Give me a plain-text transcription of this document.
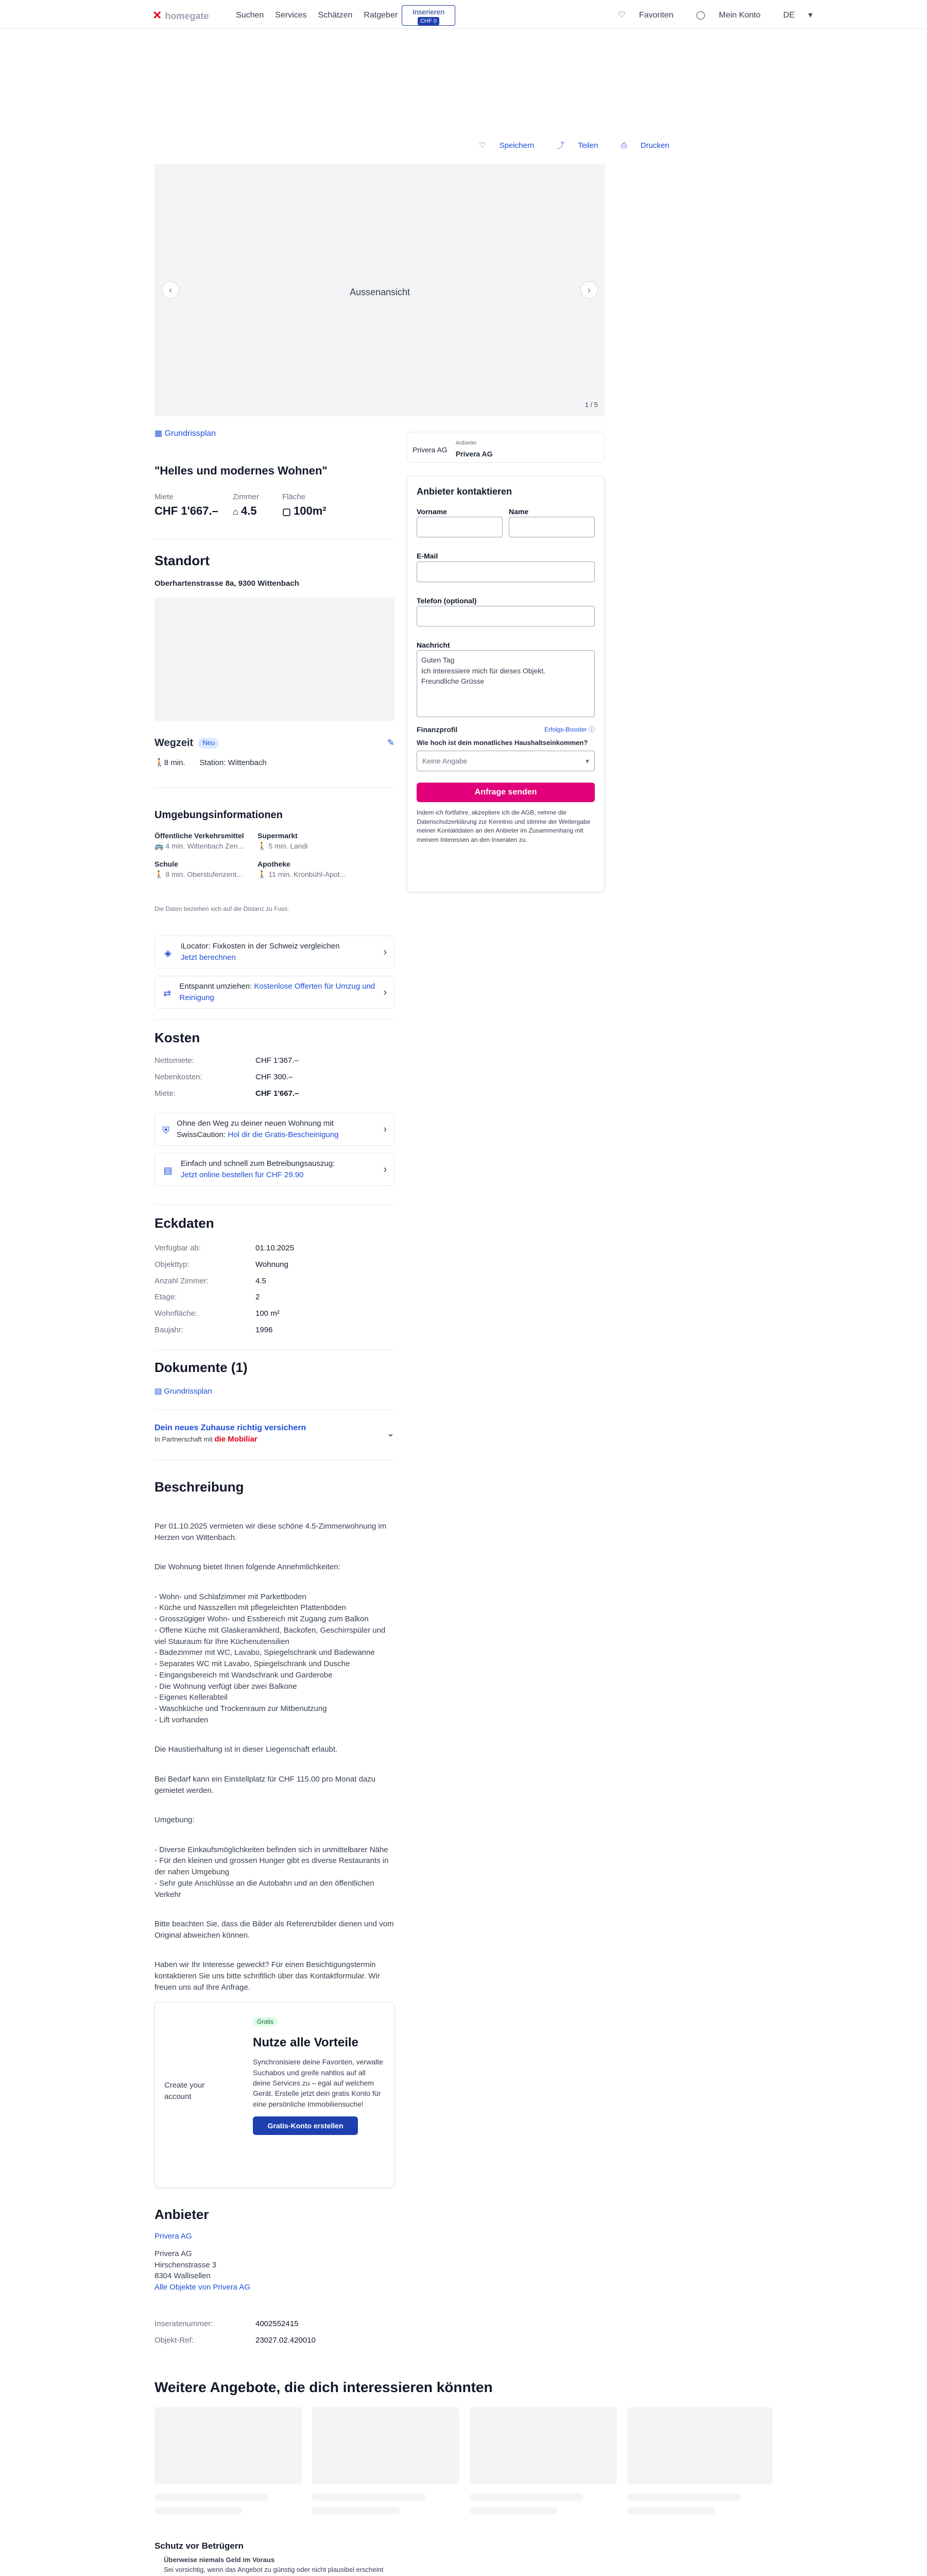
✕ homegate	Suchen Services Schätzen Ratgeber	Inserieren
CHF 0
♡ Favoriten	◯ Mein Konto	DE ▾
♡ Speichern	⤴ Teilen	⎙ Drucken
‹	›
Aussenansicht
1 / 5
▦ Grundrissplan
"Helles und modernes Wohnen"
Miete
CHF 1'667.–
Zimmer
⌂ 4.5
Fläche
▢ 100m²
Standort
Oberhartenstrasse 8a, 9300 Wittenbach
Wegzeit	Neu	✎
🚶 8 min. Station: Wittenbach
Umgebungsinformationen
Öffentliche Verkehrsmittel
🚌 4 min. Wittenbach Zen...
Supermarkt
🚶 5 min. Landi
Schule
🚶 8 min. Oberstufenzent...
Apotheke
🚶 11 min. Kronbühl-Apot...
Die Daten beziehen sich auf die Distanz zu Fuss.
◈
iLocator: Fixkosten in der Schweiz vergleichen
Jetzt berechnen	›
⇄
Entspannt umziehen: Kostenlose Offerten für Umzug und Reinigung	›
Kosten
Nettomiete:	CHF 1'367.–
Nebenkosten:	CHF 300.–
Miete:	CHF 1'667.–
⛨
Ohne den Weg zu deiner neuen Wohnung mit SwissCaution: Hol dir die Gratis-Bescheinigung	›
▤
Einfach und schnell zum Betreibungsauszug:
Jetzt online bestellen für CHF 29.90	›
Eckdaten
Verfügbar ab:	01.10.2025
Objekttyp:	Wohnung
Anzahl Zimmer:	4.5
Etage:	2
Wohnfläche:	100 m²
Baujahr:	1996
Dokumente (1)
▤ Grundrissplan
Dein neues Zuhause richtig versichern
In Partnerschaft mit die Mobiliar
⌄
Beschreibung

Per 01.10.2025 vermieten wir diese schöne 4.5-Zimmerwohnung im Herzen von Wittenbach.

Die Wohnung bietet Ihnen folgende Annehmlichkeiten:

- Wohn- und Schlafzimmer mit Parkettboden
- Küche und Nasszellen mit pflegeleichten Plattenböden
- Grosszügiger Wohn- und Essbereich mit Zugang zum Balkon
- Offene Küche mit Glaskeramikherd, Backofen, Geschirrspüler und viel Stauraum für Ihre Küchenutensilien
- Badezimmer mit WC, Lavabo, Spiegelschrank und Badewanne
- Separates WC mit Lavabo, Spiegelschrank und Dusche
- Eingangsbereich mit Wandschrank und Garderobe
- Die Wohnung verfügt über zwei Balkone
- Eigenes Kellerabteil
- Waschküche und Trockenraum zur Mitbenutzung
- Lift vorhanden

Die Haustierhaltung ist in dieser Liegenschaft erlaubt.

Bei Bedarf kann ein Einstellplatz für CHF 115.00 pro Monat dazu gemietet werden.

Umgebung:

- Diverse Einkaufsmöglichkeiten befinden sich in unmittelbarer Nähe
- Für den kleinen und grossen Hunger gibt es diverse Restaurants in der nahen Umgebung
- Sehr gute Anschlüsse an die Autobahn und an den öffentlichen Verkehr

Bitte beachten Sie, dass die Bilder als Referenzbilder dienen und vom Original abweichen können.

Haben wir Ihr Interesse geweckt? Für einen Besichtigungstermin kontaktieren Sie uns bitte schriftlich über das Kontaktformular. Wir freuen uns auf Ihre Anfrage.

Create your account
Gratis
Nutze alle Vorteile
Synchronisiere deine Favoriten, verwalte Suchabos und greife nahtlos auf all deine Services zu – egal auf welchem Gerät. Erstelle jetzt dein gratis Konto für eine persönliche Immobiliensuche!
Gratis-Konto erstellen
Anbieter
Privera AG
Privera AG
Hirschenstrasse 3
8304 Wallisellen
Alle Objekte von Privera AG
Inseratenummer:	4002552415
Objekt-Ref:	23027.02.420010
Weitere Angebote, die dich interessieren könnten
Schutz vor Betrügern
Überweise niemals Geld im Voraus
Sei vorsichtig, wenn das Angebot zu günstig oder nicht plausibel erscheint
Privera AG
Anbieter
Privera AG
Anbieter kontaktieren
Vorname	Name
E-Mail
Telefon (optional)
Nachricht
Guten Tag
Ich interessiere mich für dieses Objekt.
Freundliche Grüsse
Finanzprofil	Erfolgs-Booster ⓘ
Wie hoch ist dein monatliches Haushaltseinkommen?
Keine Angabe	▾
Anfrage senden
Indem ich fortfahre, akzeptiere ich die AGB, nehme die Datenschutzerklärung zur Kenntnis und stimme der Weitergabe meiner Kontaktdaten an den Anbieter im Zusammenhang mit meinem Interessen an den Inseraten zu.
